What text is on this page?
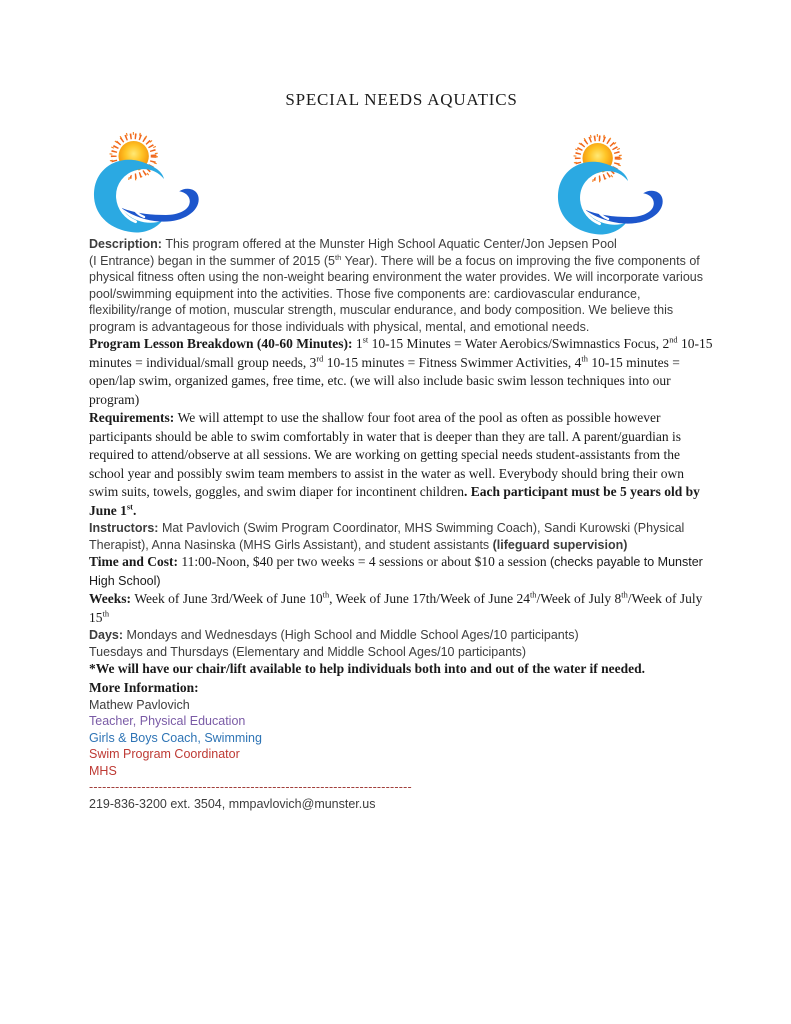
SPECIAL NEEDS AQUATICS

Description: This program offered at the Munster High School Aquatic Center/Jon Jepsen Pool
(I Entrance) began in the summer of 2015 (5th Year). There will be a focus on improving the five components of physical fitness often using the non-weight bearing environment the water provides. We will incorporate various pool/swimming equipment into the activities. Those five components are: cardiovascular endurance, flexibility/range of motion, muscular strength, muscular endurance, and body composition. We believe this program is advantageous for those individuals with physical, mental, and emotional needs.

Program Lesson Breakdown (40-60 Minutes): 1st 10-15 Minutes = Water Aerobics/Swimnastics Focus, 2nd 10-15 minutes = individual/small group needs, 3rd 10-15 minutes = Fitness Swimmer Activities, 4th 10-15 minutes = open/lap swim, organized games, free time, etc. (we will also include basic swim lesson techniques into our program)

Requirements: We will attempt to use the shallow four foot area of the pool as often as possible however participants should be able to swim comfortably in water that is deeper than they are tall. A parent/guardian is required to attend/observe at all sessions. We are working on getting special needs student-assistants from the school year and possibly swim team members to assist in the water as well. Everybody should bring their own swim suits, towels, goggles, and swim diaper for incontinent children. Each participant must be 5 years old by June 1st.

Instructors: Mat Pavlovich (Swim Program Coordinator, MHS Swimming Coach), Sandi Kurowski (Physical Therapist), Anna Nasinska (MHS Girls Assistant), and student assistants (lifeguard supervision)

Time and Cost: 11:00-Noon, $40 per two weeks = 4 sessions or about $10 a session (checks payable to Munster High School)

Weeks: Week of June 3rd/Week of June 10th, Week of June 17th/Week of June 24th/Week of July 8th/Week of July 15th

Days: Mondays and Wednesdays (High School and Middle School Ages/10 participants)
Tuesdays and Thursdays (Elementary and Middle School Ages/10 participants)

*We will have our chair/lift available to help individuals both into and out of the water if needed.

More Information:

Mathew Pavlovich
Teacher, Physical Education
Girls & Boys Coach, Swimming
Swim Program Coordinator
MHS
--------------------------------------------------------------------------
219-836-3200 ext. 3504, mmpavlovich@munster.us
